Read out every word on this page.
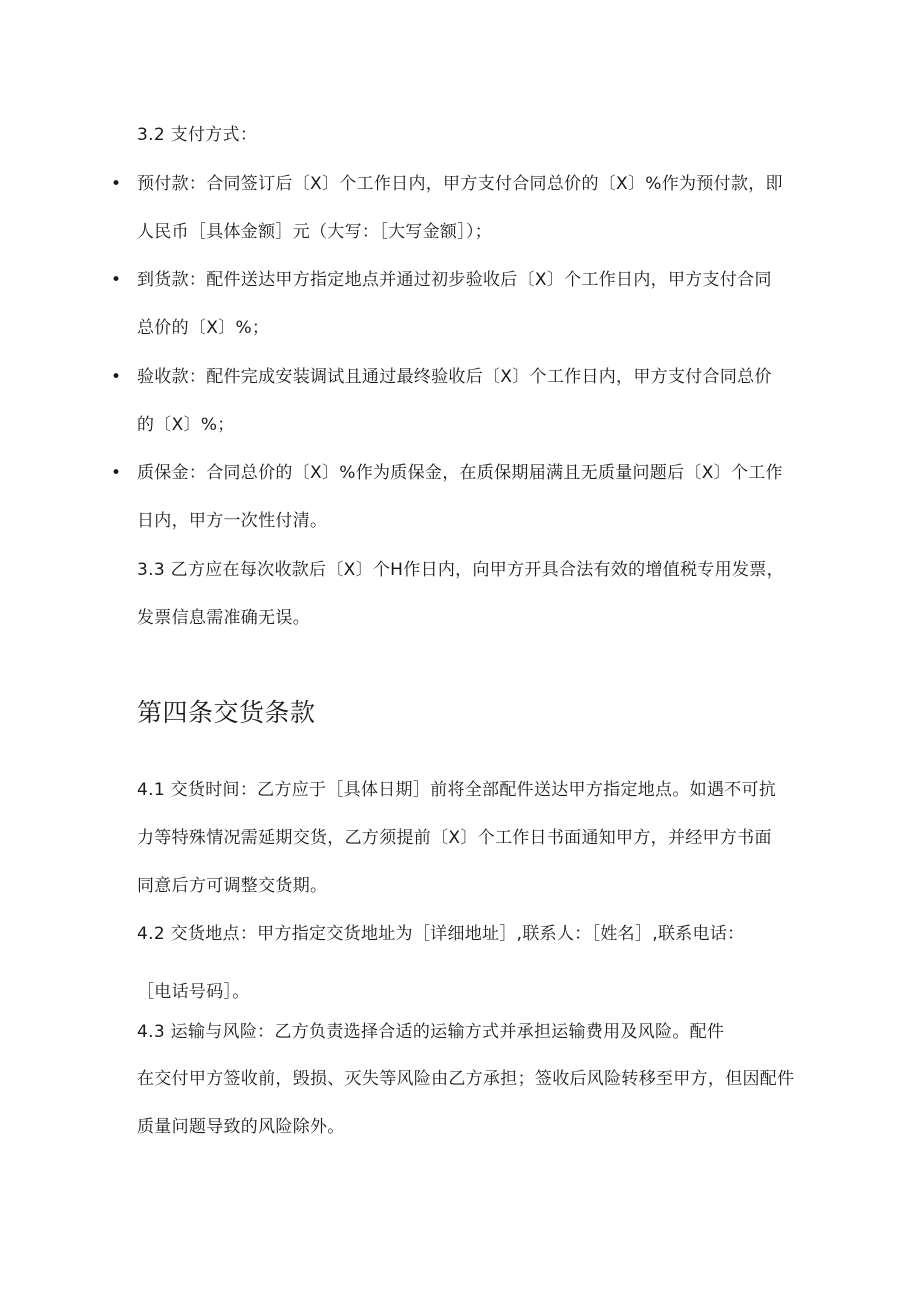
3.2 支付方式：
• 预付款：合同签订后〔X〕个工作日内，甲方支付合同总价的〔X〕%作为预付款，即
人民币［具体金额］元（大写：［大写金额］）；
• 到货款：配件送达甲方指定地点并通过初步验收后〔X〕个工作日内，甲方支付合同
总价的〔X〕%；
• 验收款：配件完成安装调试且通过最终验收后〔X〕个工作日内，甲方支付合同总价
的〔X〕%；
• 质保金：合同总价的〔X〕%作为质保金，在质保期届满且无质量问题后〔X〕个工作
日内，甲方一次性付清。
3.3 乙方应在每次收款后〔X〕个H作日内，向甲方开具合法有效的增值税专用发票，
发票信息需准确无误。
第四条交货条款
4.1 交货时间：乙方应于［具体日期］前将全部配件送达甲方指定地点。如遇不可抗
力等特殊情况需延期交货，乙方须提前〔X〕个工作日书面通知甲方，并经甲方书面
同意后方可调整交货期。
4.2 交货地点：甲方指定交货地址为［详细地址］,联系人：［姓名］,联系电话：
［电话号码］。
4.3 运输与风险：乙方负责选择合适的运输方式并承担运输费用及风险。配件
在交付甲方签收前，毁损、灭失等风险由乙方承担；签收后风险转移至甲方，但因配件
质量问题导致的风险除外。
